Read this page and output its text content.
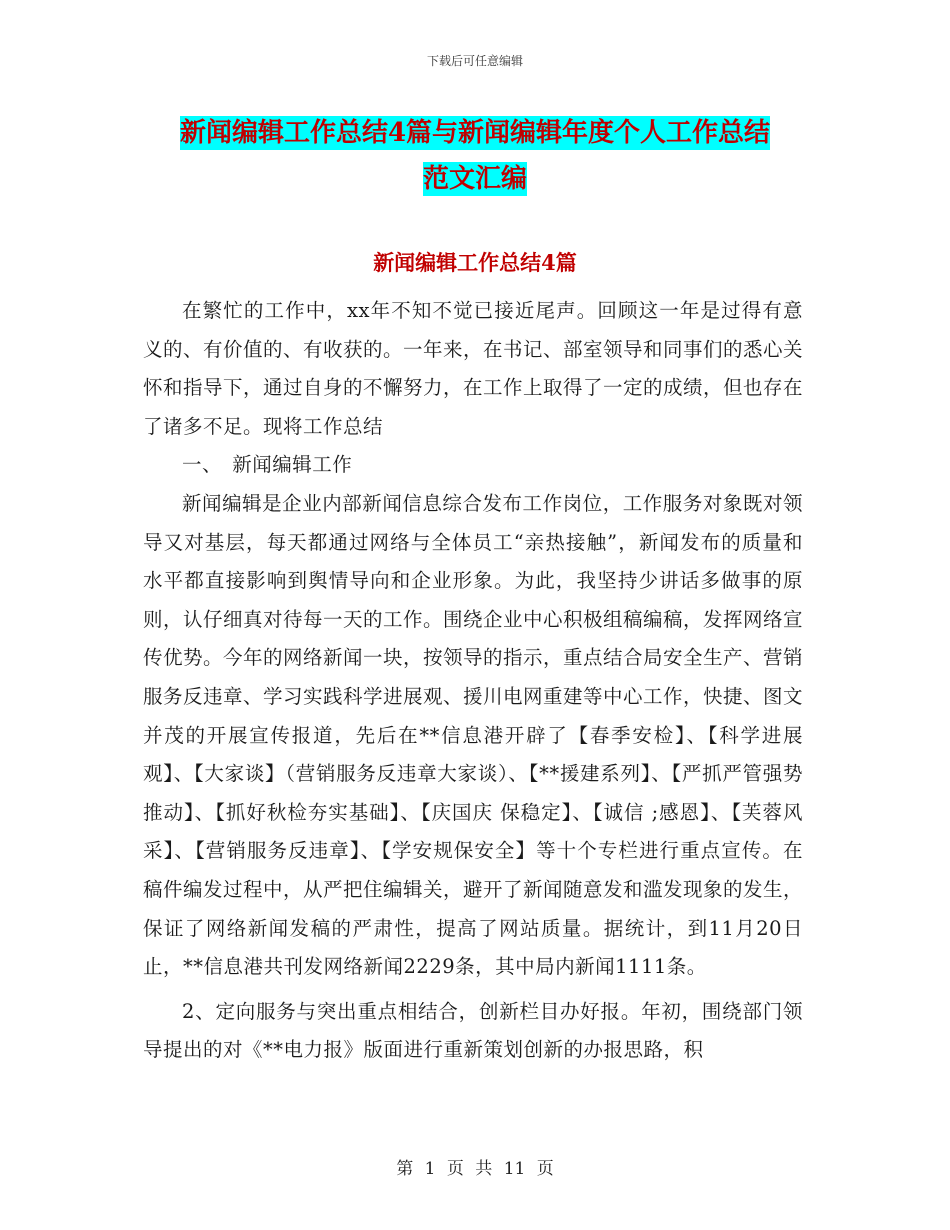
下载后可任意编辑
新闻编辑工作总结4篇与新闻编辑年度个人工作总结
范文汇编
新闻编辑工作总结4篇

在繁忙的工作中，xx年不知不觉已接近尾声。回顾这一年是过得有意义的、有价值的、有收获的。一年来，在书记、部室领导和同事们的悉心关怀和指导下，通过自身的不懈努力，在工作上取得了一定的成绩，但也存在了诸多不足。现将工作总结

一、　新闻编辑工作

新闻编辑是企业内部新闻信息综合发布工作岗位，工作服务对象既对领导又对基层，每天都通过网络与全体员工“亲热接触”，新闻发布的质量和水平都直接影响到舆情导向和企业形象。为此，我坚持少讲话多做事的原则，认仔细真对待每一天的工作。围绕企业中心积极组稿编稿，发挥网络宣传优势。今年的网络新闻一块，按领导的指示，重点结合局安全生产、营销服务反违章、学习实践科学进展观、援川电网重建等中心工作，快捷、图文并茂的开展宣传报道，先后在**信息港开辟了【春季安检】、【科学进展观】、【大家谈】（营销服务反违章大家谈）、【**援建系列】、【严抓严管强势推动】、【抓好秋检夯实基础】、【庆国庆 保稳定】、【诚信 ;感恩】、【芙蓉风采】、【营销服务反违章】、【学安规保安全】等十个专栏进行重点宣传。在稿件编发过程中，从严把住编辑关，避开了新闻随意发和滥发现象的发生，保证了网络新闻发稿的严肃性，提高了网站质量。据统计，到11月20日止，**信息港共刊发网络新闻2229条，其中局内新闻1111条。

2、定向服务与突出重点相结合，创新栏目办好报。年初，围绕部门领导提出的对《**电力报》版面进行重新策划创新的办报思路，积

第 1 页 共 11 页
